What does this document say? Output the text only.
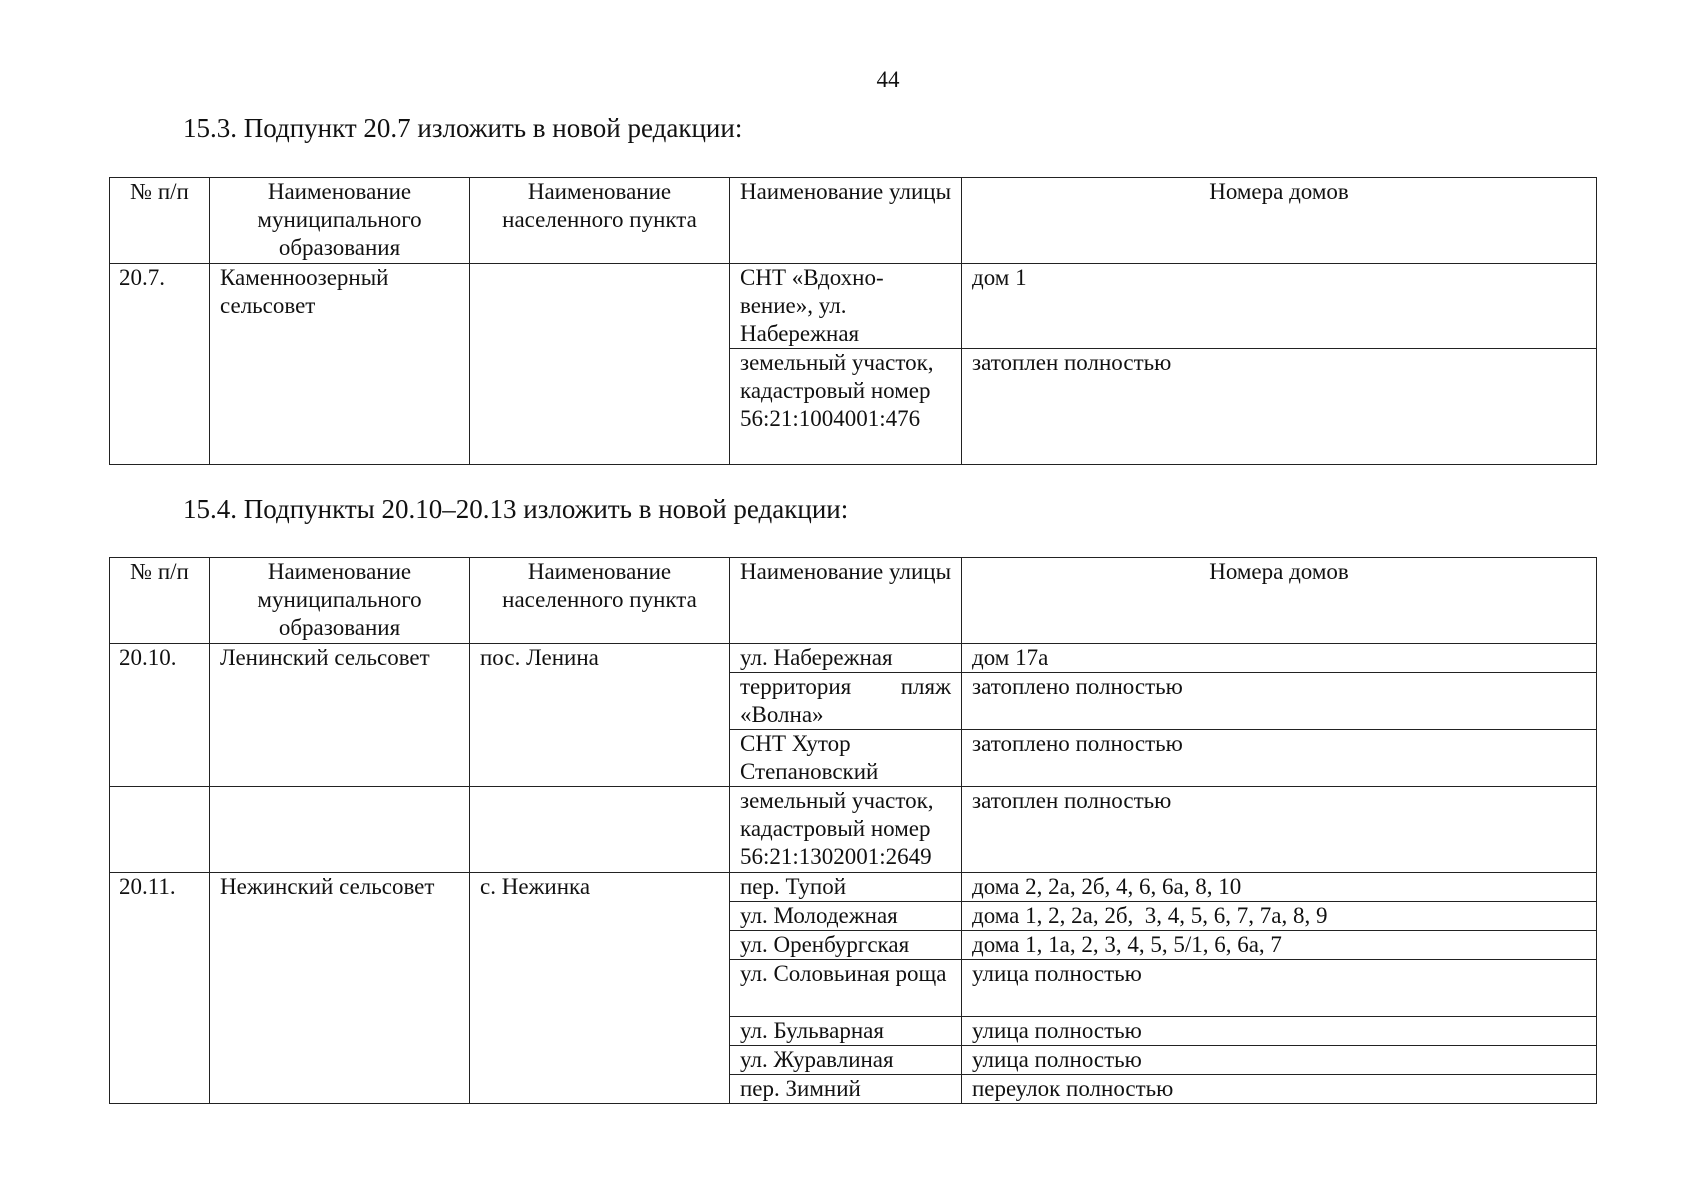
44
15.3. Подпункт 20.7 изложить в новой редакции:
№ п/п	Наименование муниципального образования	Наименование населенного пункта	Наименование улицы	Номера домов
20.7.	Каменноозерный сельсовет		СНТ «Вдохно-вение», ул. Набережная	дом 1
			земельный участок, кадастровый номер 56:21:1004001:476	затоплен полностью
15.4. Подпункты 20.10–20.13 изложить в новой редакции:
№ п/п	Наименование муниципального образования	Наименование населенного пункта	Наименование улицы	Номера домов
20.10.	Ленинский сельсовет	пос. Ленина	ул. Набережная	дом 17а
			территория пляж «Волна»	затоплено полностью
			СНТ Хутор Степановский	затоплено полностью
			земельный участок, кадастровый номер 56:21:1302001:2649	затоплен полностью
20.11.	Нежинский сельсовет	с. Нежинка	пер. Тупой	дома 2, 2а, 2б, 4, 6, 6а, 8, 10
			ул. Молодежная	дома 1, 2, 2а, 2б,  3, 4, 5, 6, 7, 7а, 8, 9
			ул. Оренбургская	дома 1, 1а, 2, 3, 4, 5, 5/1, 6, 6а, 7
			ул. Соловьиная роща	улица полностью
			ул. Бульварная	улица полностью
			ул. Журавлиная	улица полностью
			пер. Зимний	переулок полностью
